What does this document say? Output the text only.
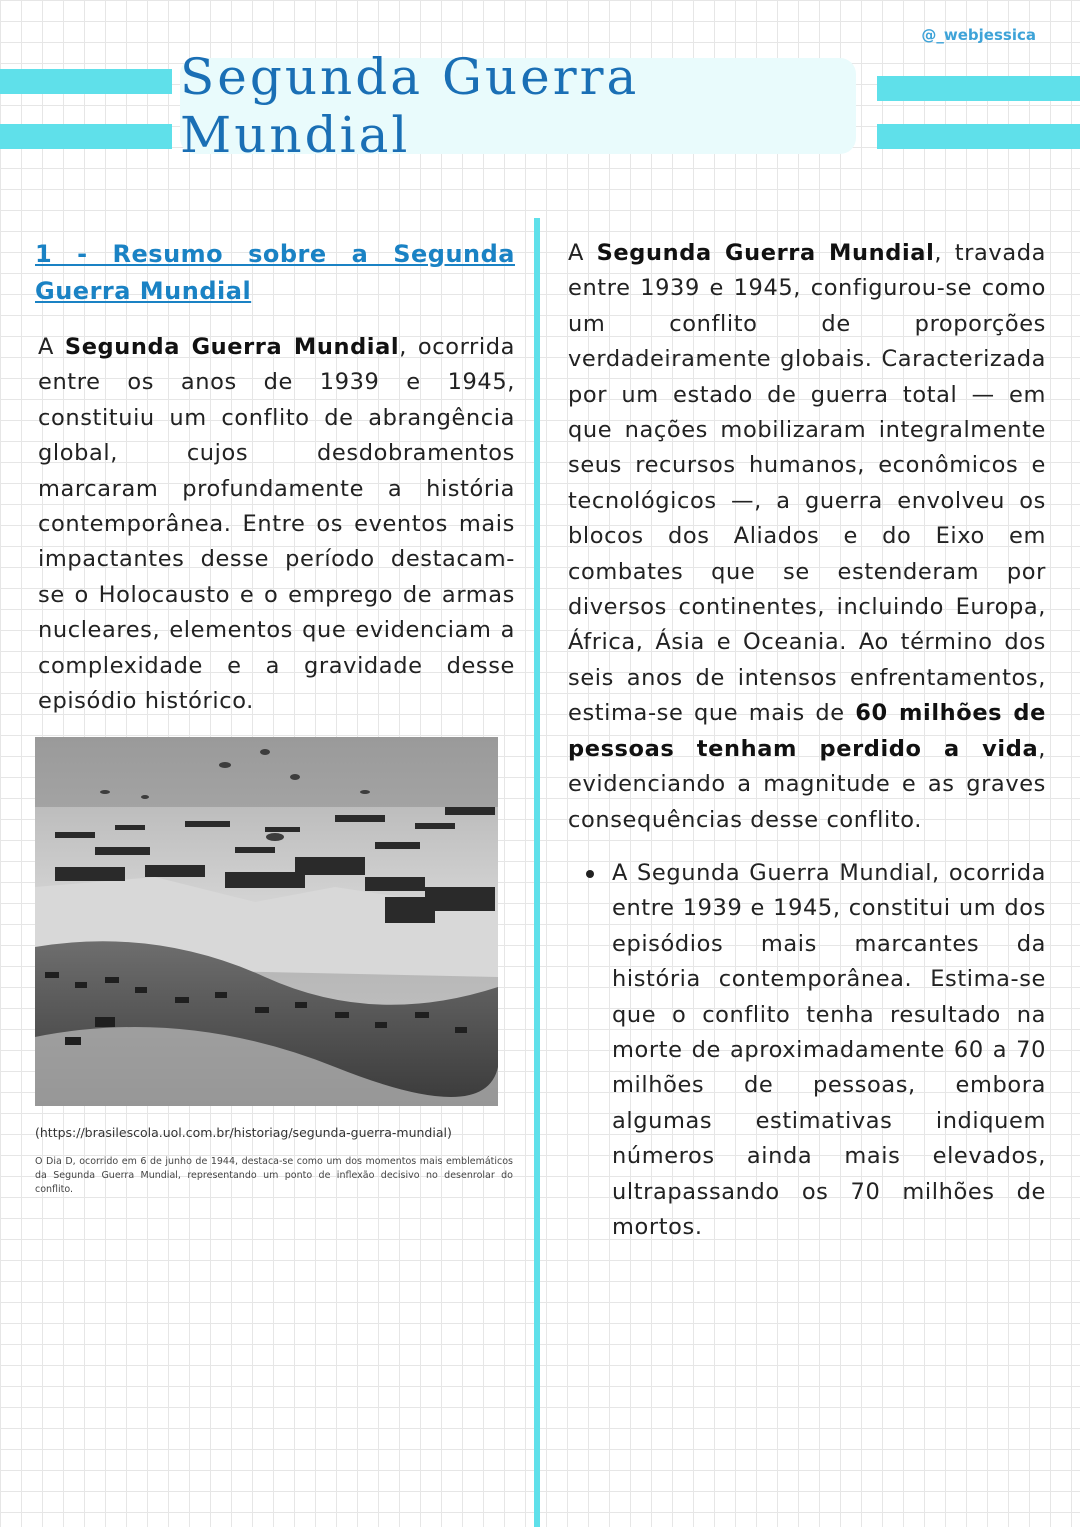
@_webjessica
Segunda Guerra Mundial
1 - Resumo sobre a Segunda Guerra Mundial

A Segunda Guerra Mundial, ocorrida entre os anos de 1939 e 1945, constituiu um conflito de abrangência global, cujos desdobramentos marcaram profundamente a história contemporânea. Entre os eventos mais impactantes desse período destacam-se o Holocausto e o emprego de armas nucleares, elementos que evidenciam a complexidade e a gravidade desse episódio histórico.

(https://brasilescola.uol.com.br/historiag/segunda-guerra-mundial)

O Dia D, ocorrido em 6 de junho de 1944, destaca-se como um dos momentos mais emblemáticos da Segunda Guerra Mundial, representando um ponto de inflexão decisivo no desenrolar do conflito.

A Segunda Guerra Mundial, travada entre 1939 e 1945, configurou-se como um conflito de proporções verdadeiramente globais. Caracterizada por um estado de guerra total — em que nações mobilizaram integralmente seus recursos humanos, econômicos e tecnológicos —, a guerra envolveu os blocos dos Aliados e do Eixo em combates que se estenderam por diversos continentes, incluindo Europa, África, Ásia e Oceania. Ao término dos seis anos de intensos enfrentamentos, estima-se que mais de 60 milhões de pessoas tenham perdido a vida, evidenciando a magnitude e as graves consequências desse conflito.

A Segunda Guerra Mundial, ocorrida entre 1939 e 1945, constitui um dos episódios mais marcantes da história contemporânea. Estima-se que o conflito tenha resultado na morte de aproximadamente 60 a 70 milhões de pessoas, embora algumas estimativas indiquem números ainda mais elevados, ultrapassando os 70 milhões de mortos.
